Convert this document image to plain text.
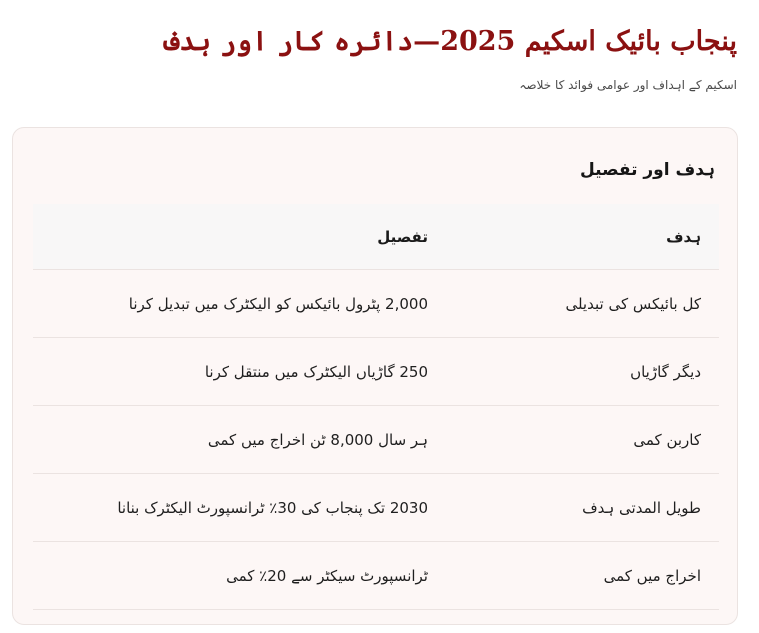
پنجاب بائیک اسکیم 2025—دائرہ کار اور ہدف

اسکیم کے اہداف اور عوامی فوائد کا خلاصہ

ہدف اور تفصیل
ہدف	تفصیل
کل بائیکس کی تبدیلی	2,000 پٹرول بائیکس کو الیکٹرک میں تبدیل کرنا
دیگر گاڑیاں	250 گاڑیاں الیکٹرک میں منتقل کرنا
کاربن کمی	ہر سال 8,000 ٹن اخراج میں کمی
طویل المدتی ہدف	2030 تک پنجاب کی 30٪ ٹرانسپورٹ الیکٹرک بنانا
اخراج میں کمی	ٹرانسپورٹ سیکٹر سے 20٪ کمی
